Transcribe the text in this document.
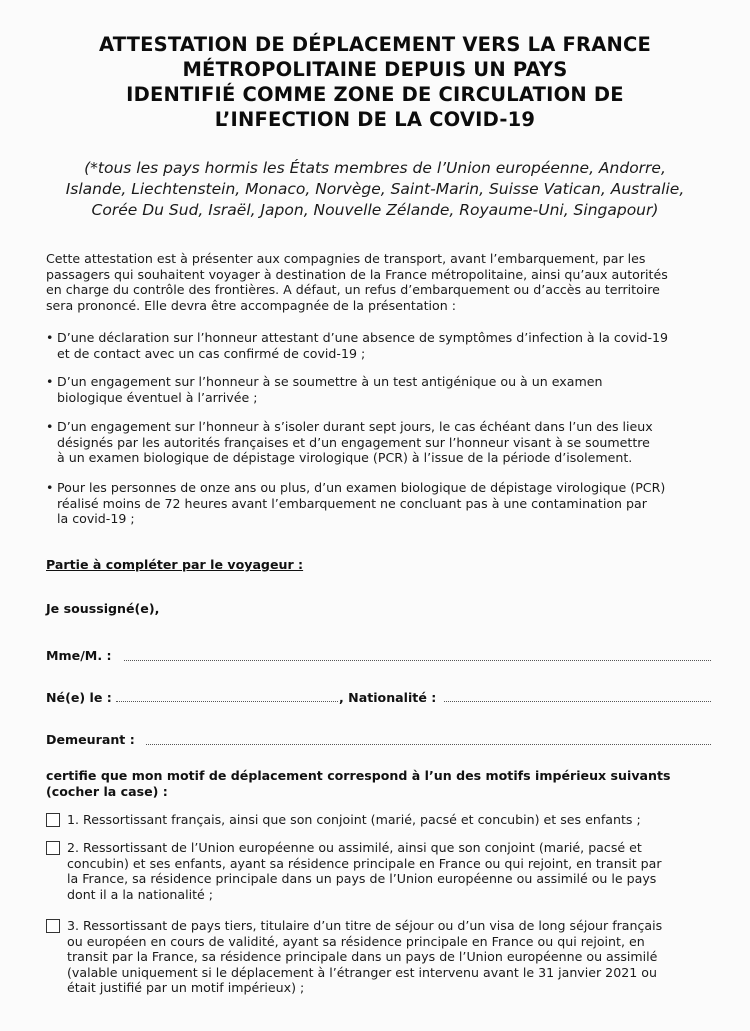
ATTESTATION DE DÉPLACEMENT VERS LA FRANCE
MÉTROPOLITAINE DEPUIS UN PAYS
IDENTIFIÉ COMME ZONE DE CIRCULATION DE
L’INFECTION DE LA COVID-19
(*tous les pays hormis les États membres de l’Union européenne, Andorre,
Islande, Liechtenstein, Monaco, Norvège, Saint-Marin, Suisse Vatican, Australie,
Corée Du Sud, Israël, Japon, Nouvelle Zélande, Royaume-Uni, Singapour)
Cette attestation est à présenter aux compagnies de transport, avant l’embarquement, par les
passagers qui souhaitent voyager à destination de la France métropolitaine, ainsi qu’aux autorités
en charge du contrôle des frontières. A défaut, un refus d’embarquement ou d’accès au territoire
sera prononcé. Elle devra être accompagnée de la présentation :
• D’une déclaration sur l’honneur attestant d’une absence de symptômes d’infection à la covid-19
et de contact avec un cas confirmé de covid-19 ;
• D’un engagement sur l’honneur à se soumettre à un test antigénique ou à un examen
biologique éventuel à l’arrivée ;
• D’un engagement sur l’honneur à s’isoler durant sept jours, le cas échéant dans l’un des lieux
désignés par les autorités françaises et d’un engagement sur l’honneur visant à se soumettre
à un examen biologique de dépistage virologique (PCR) à l’issue de la période d’isolement.
• Pour les personnes de onze ans ou plus, d’un examen biologique de dépistage virologique (PCR)
réalisé moins de 72 heures avant l’embarquement ne concluant pas à une contamination par
la covid-19 ;
Partie à compléter par le voyageur :
Je soussigné(e),
Mme/M. :
Né(e) le :	, Nationalité :
Demeurant :
certifie que mon motif de déplacement correspond à l’un des motifs impérieux suivants
(cocher la case) :
1. Ressortissant français, ainsi que son conjoint (marié, pacsé et concubin) et ses enfants ;
2. Ressortissant de l’Union européenne ou assimilé, ainsi que son conjoint (marié, pacsé et
concubin) et ses enfants, ayant sa résidence principale en France ou qui rejoint, en transit par
la France, sa résidence principale dans un pays de l’Union européenne ou assimilé ou le pays
dont il a la nationalité ;
3. Ressortissant de pays tiers, titulaire d’un titre de séjour ou d’un visa de long séjour français
ou européen en cours de validité, ayant sa résidence principale en France ou qui rejoint, en
transit par la France, sa résidence principale dans un pays de l’Union européenne ou assimilé
(valable uniquement si le déplacement à l’étranger est intervenu avant le 31 janvier 2021 ou
était justifié par un motif impérieux) ;
